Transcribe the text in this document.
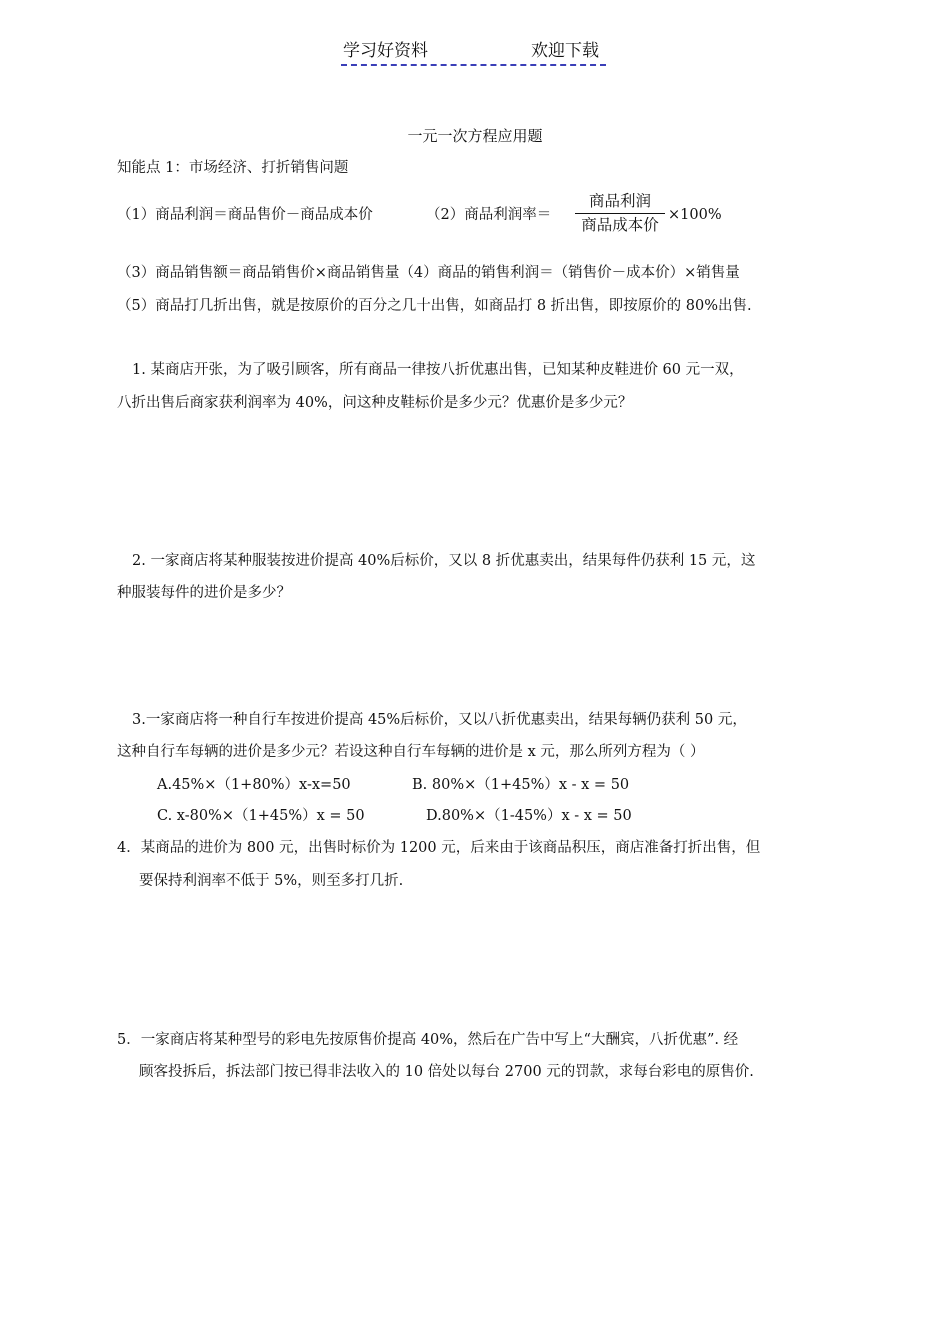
学习好资料	欢迎下载
一元一次方程应用题
知能点 1：市场经济、打折销售问题
（1）商品利润＝商品售价－商品成本价	（2）商品利润率＝
商品利润
商品成本价
×100%
（3）商品销售额＝商品销售价×商品销售量（4）商品的销售利润＝（销售价－成本价）×销售量
（5）商品打几折出售，就是按原价的百分之几十出售，如商品打 8 折出售，即按原价的 80%出售.
1. 某商店开张，为了吸引顾客，所有商品一律按八折优惠出售，已知某种皮鞋进价 60 元一双，
八折出售后商家获利润率为 40%，问这种皮鞋标价是多少元？优惠价是多少元？
2. 一家商店将某种服装按进价提高 40%后标价，又以 8 折优惠卖出，结果每件仍获利 15 元，这
种服装每件的进价是多少？
3.一家商店将一种自行车按进价提高 45%后标价，又以八折优惠卖出，结果每辆仍获利 50 元，
这种自行车每辆的进价是多少元？若设这种自行车每辆的进价是 x 元，那么所列方程为（ ）
A.45%×（1+80%）x-x=50	B. 80%×（1+45%）x - x = 50
C. x-80%×（1+45%）x = 50	D.80%×（1-45%）x - x = 50
4．某商品的进价为 800 元，出售时标价为 1200 元，后来由于该商品积压，商店准备打折出售，但
要保持利润率不低于 5%，则至多打几折.
5．一家商店将某种型号的彩电先按原售价提高 40%，然后在广告中写上“大酬宾，八折优惠”. 经
顾客投拆后，拆法部门按已得非法收入的 10 倍处以每台 2700 元的罚款，求每台彩电的原售价.
